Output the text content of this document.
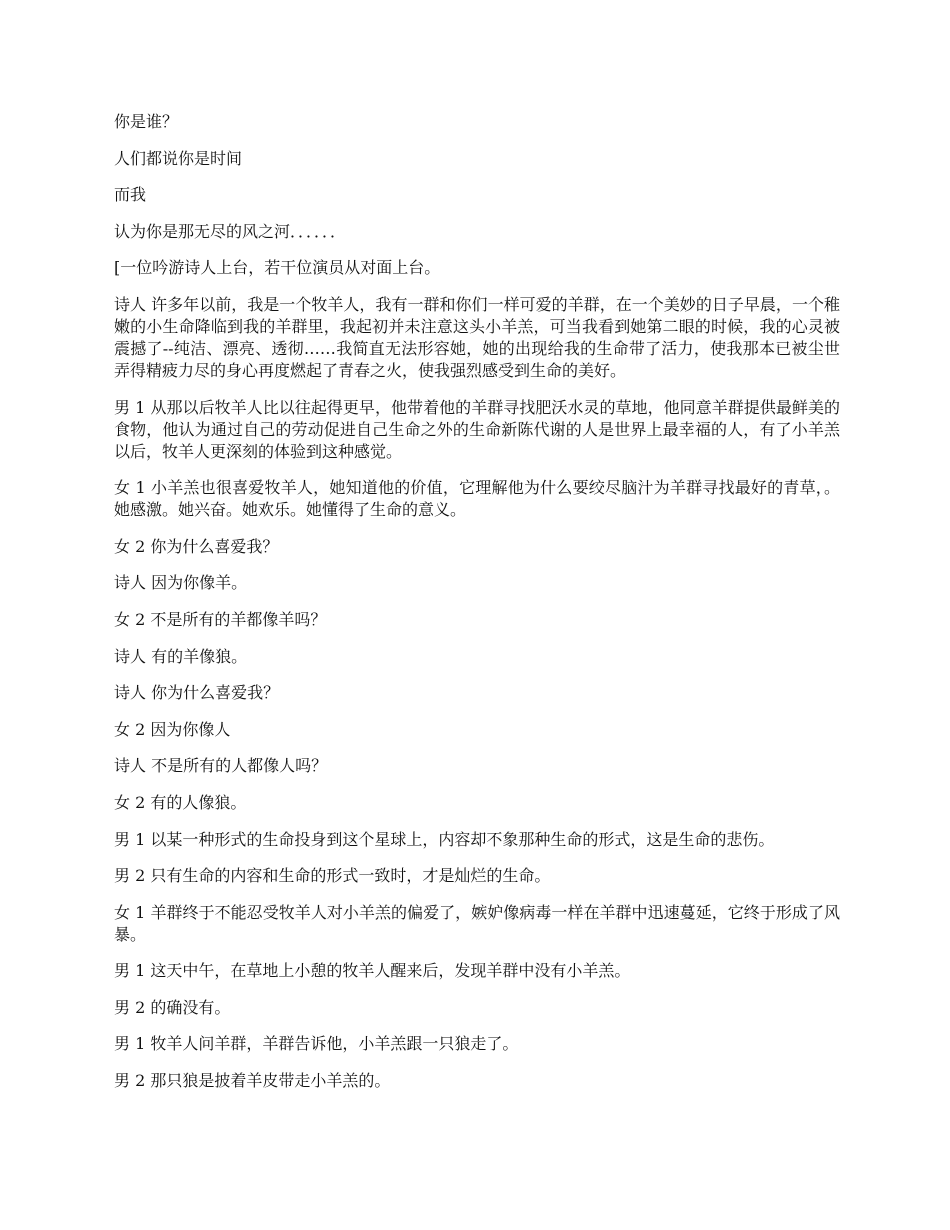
你是谁？

人们都说你是时间

而我

认为你是那无尽的风之河．．．．．．

[一位吟游诗人上台，若干位演员从对面上台。

诗人 许多年以前，我是一个牧羊人，我有一群和你们一样可爱的羊群，在一个美妙的日子早晨，一个稚嫩的小生命降临到我的羊群里，我起初并未注意这头小羊羔，可当我看到她第二眼的时候，我的心灵被震撼了--纯洁、漂亮、透彻……我简直无法形容她，她的出现给我的生命带了活力，使我那本已被尘世弄得精疲力尽的身心再度燃起了青春之火，使我强烈感受到生命的美好。

男 1 从那以后牧羊人比以往起得更早，他带着他的羊群寻找肥沃水灵的草地，他同意羊群提供最鲜美的食物，他认为通过自己的劳动促进自己生命之外的生命新陈代谢的人是世界上最幸福的人，有了小羊羔以后，牧羊人更深刻的体验到这种感觉。

女 1 小羊羔也很喜爱牧羊人，她知道他的价值，它理解他为什么要绞尽脑汁为羊群寻找最好的青草，。她感激。她兴奋。她欢乐。她懂得了生命的意义。

女 2 你为什么喜爱我？

诗人 因为你像羊。

女 2 不是所有的羊都像羊吗？

诗人 有的羊像狼。

诗人 你为什么喜爱我？

女 2 因为你像人

诗人 不是所有的人都像人吗？

女 2 有的人像狼。

男 1 以某一种形式的生命投身到这个星球上，内容却不象那种生命的形式，这是生命的悲伤。

男 2 只有生命的内容和生命的形式一致时，才是灿烂的生命。

女 1 羊群终于不能忍受牧羊人对小羊羔的偏爱了，嫉妒像病毒一样在羊群中迅速蔓延，它终于形成了风暴。

男 1 这天中午，在草地上小憩的牧羊人醒来后，发现羊群中没有小羊羔。

男 2 的确没有。

男 1 牧羊人问羊群，羊群告诉他，小羊羔跟一只狼走了。

男 2 那只狼是披着羊皮带走小羊羔的。
